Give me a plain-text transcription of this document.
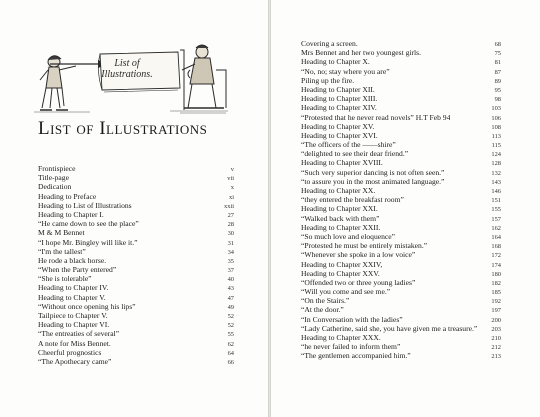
List of
Illustrations.
List of Illustrations
Frontispiece	v
Title-page	vii
Dedication	x
Heading to Preface	xi
Heading to List of Illustrations	xxii
Heading to Chapter I.	27
“He came down to see the place”	28
M & M Bennet	30
“I hope Mr. Bingley will like it.”	31
“I'm the tallest”	34
He rode a black horse.	35
“When the Party entered”	37
“She is tolerable”	40
Heading to Chapter IV.	43
Heading to Chapter V.	47
“Without once opening his lips”	49
Tailpiece to Chapter V.	52
Heading to Chapter VI.	52
“The entreaties of several”	55
A note for Miss Bennet.	62
Cheerful prognostics	64
“The Apothecary came”	66
Covering a screen.	68
Mrs Bennet and her two youngest girls.	75
Heading to Chapter X.	81
“No, no; stay where you are”	87
Piling up the fire.	89
Heading to Chapter XII.	95
Heading to Chapter XIII.	98
Heading to Chapter XIV.	103
“Protested that he never read novels” H.T Feb 94	106
Heading to Chapter XV.	108
Heading to Chapter XVI.	113
“The officers of the ——shire”	115
“delighted to see their dear friend.”	124
Heading to Chapter XVIII.	128
“Such very superior dancing is not often seen.”	132
“to assure you in the most animated language.”	143
Heading to Chapter XX.	146
“they entered the breakfast room”	151
Heading to Chapter XXI.	155
“Walked back with them”	157
Heading to Chapter XXII.	162
“So much love and eloquence”	164
“Protested he must be entirely mistaken.”	168
“Whenever she spoke in a low voice”	172
Heading to Chapter XXIV,	174
Heading to Chapter XXV.	180
“Offended two or three young ladies”	182
“Will you come and see me.”	185
“On the Stairs.”	192
“At the door.”	197
“In Conversation with the ladies”	200
“Lady Catherine, said she, you have given me a treasure.”	203
Heading to Chapter XXX.	210
“he never failed to inform them”	212
“The gentlemen accompanied him.”	213
